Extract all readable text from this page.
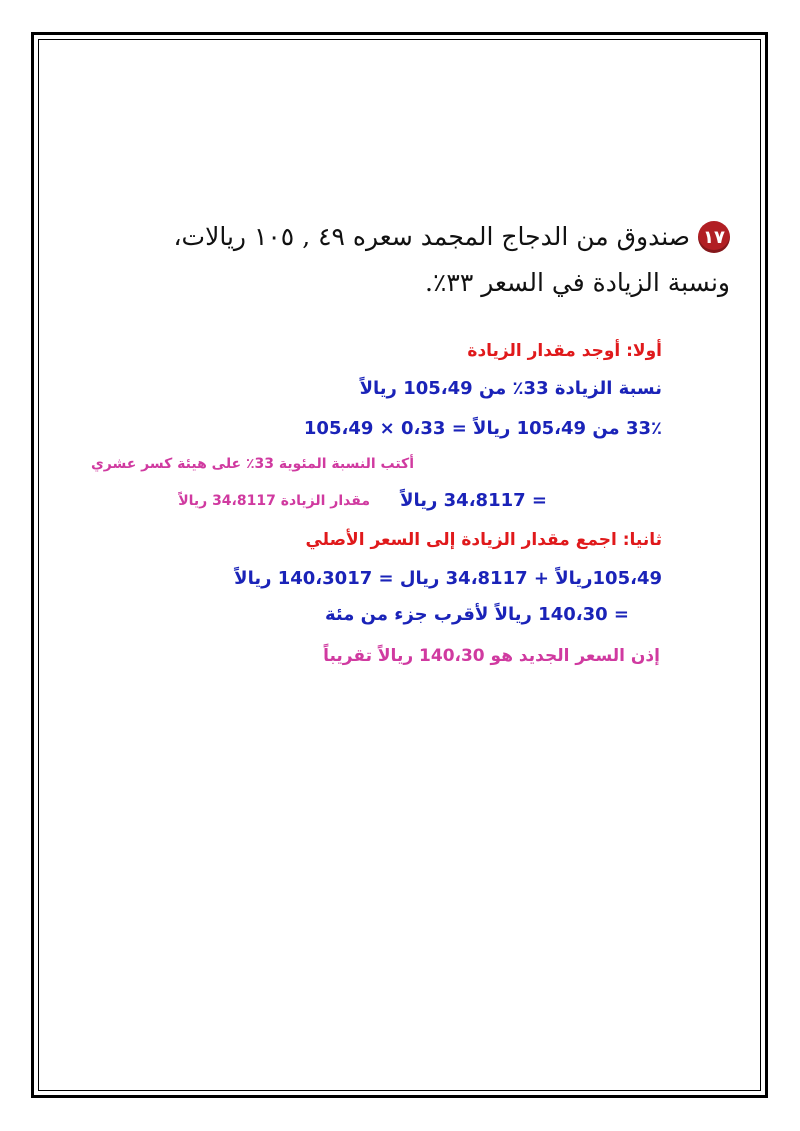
١٧
صندوق من الدجاج المجمد سعره ٤٩ , ١٠٥ ريالات،
ونسبة الزيادة في السعر ٣٣٪.
أولا: أوجد مقدار الزيادة
نسبة الزيادة 33٪ من 105،49 ريالاً
33٪ من 105،49 ريالاً = 0،33 × 105،49
أكتب النسبة المئوية 33٪ على هيئة كسر عشري
= 34،8117 ريالاً
مقدار الزيادة 34،8117 ريالاً
ثانيا: اجمع مقدار الزيادة إلى السعر الأصلي
105،49ريالاً + 34،8117 ريال = 140،3017 ريالاً
= 140،30 ريالاً لأقرب جزء من مئة
إذن السعر الجديد هو 140،30 ريالاً تقريباً
